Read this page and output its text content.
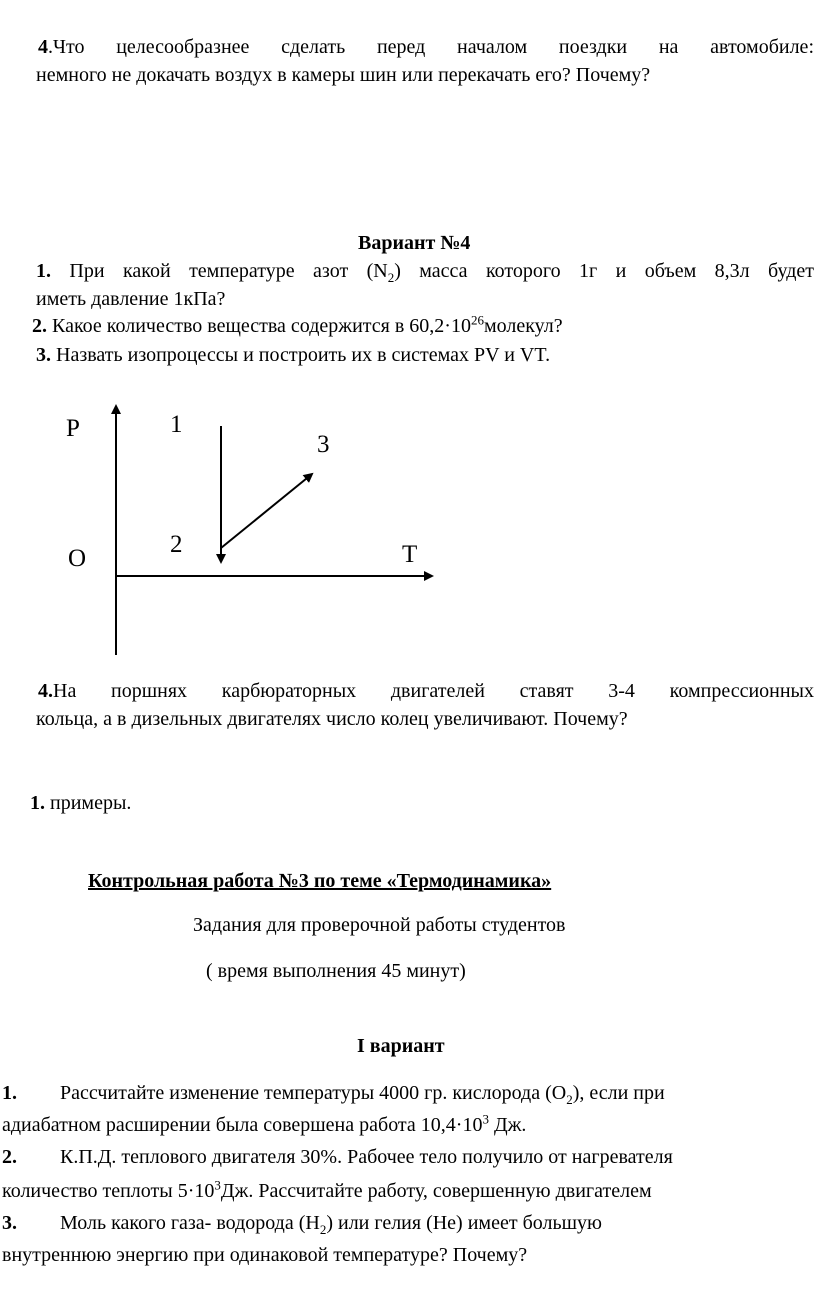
4.Что целесообразнее сделать перед началом поездки на автомобиле:
немного не докачать воздух в камеры шин или перекачать его? Почему?
Вариант №4
1. При какой температуре азот $(N_2)$ масса которого 1г и объем 8,3л будет
иметь давление 1кПа?
2. Какое количество вещества содержится в $60,2\cdot 10^{26}молекул$?
3. Назвать изопроцессы и построить их в системах PV и VT.
P	1
3
2
O	T
4.На поршнях карбюраторных двигателей ставят 3-4 компрессионных
кольца, а в дизельных двигателях число колец увеличивают. Почему?
1. примеры.
Контрольная работа №3 по теме «Термодинамика»
Задания для проверочной работы студентов
( время выполнения 45 минут)
I вариант
1. Рассчитайте изменение температуры 4000 гр. кислорода $(O_2)$, если при
адиабатном расширении была совершена работа $10,4\cdot 10^3$ Дж.
2. К.П.Д. теплового двигателя 30%. Рабочее тело получило от нагревателя
количество теплоты $5\cdot 10^3Дж$. Рассчитайте работу, совершенную двигателем
3. Моль какого газа- водорода $(H_2)$ или гелия (He) имеет большую
внутреннюю энергию при одинаковой температуре? Почему?
